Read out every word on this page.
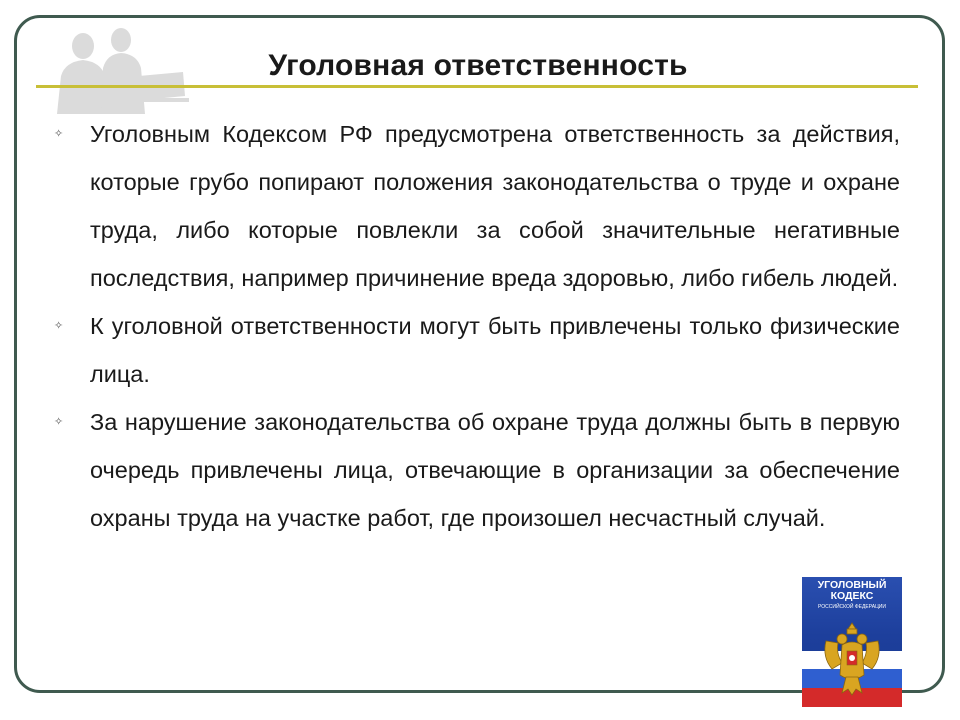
Уголовная ответственность
✧ Уголовным Кодексом РФ предусмотрена ответственность за действия, которые грубо попирают положения законодательства о труде и охране труда, либо которые повлекли за собой значительные негативные последствия, например причинение вреда здоровью, либо гибель людей.
✧ К уголовной ответственности могут быть привлечены только физические лица.
✧ За нарушение законодательства об охране труда должны быть в первую очередь привлечены лица, отвечающие в организации за обеспечение охраны труда на участке работ, где произошел несчастный случай.
УГОЛОВНЫЙ
КОДЕКС
РОССИЙСКОЙ ФЕДЕРАЦИИ
